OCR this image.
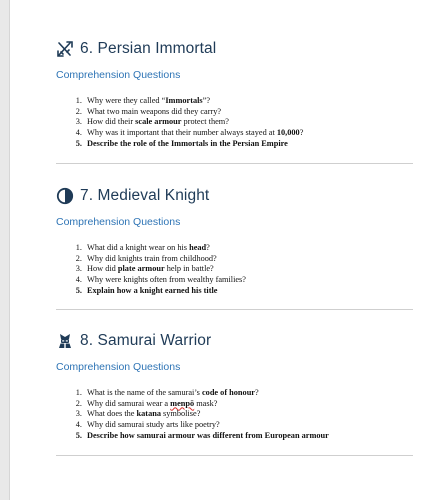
6. Persian Immortal
Comprehension Questions
1. Why were they called “Immortals”?
2. What two main weapons did they carry?
3. How did their scale armour protect them?
4. Why was it important that their number always stayed at 10,000?
5. Describe the role of the Immortals in the Persian Empire
7. Medieval Knight
Comprehension Questions
1. What did a knight wear on his head?
2. Why did knights train from childhood?
3. How did plate armour help in battle?
4. Why were knights often from wealthy families?
5. Explain how a knight earned his title
8. Samurai Warrior
Comprehension Questions
1. What is the name of the samurai’s code of honour?
2. Why did samurai wear a menpō mask?
3. What does the katana symbolise?
4. Why did samurai study arts like poetry?
5. Describe how samurai armour was different from European armour
